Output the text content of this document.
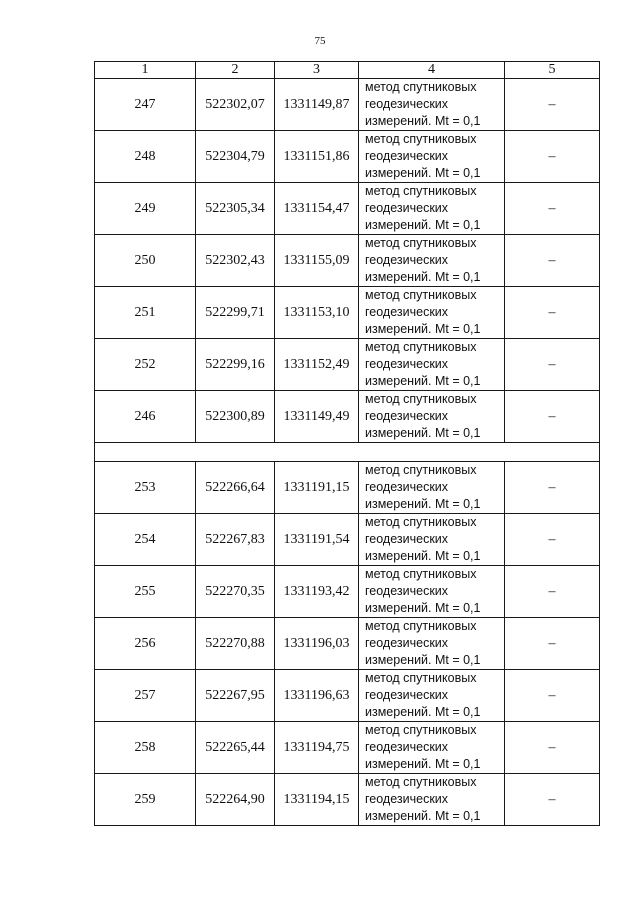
75
1	2	3	4	5
247	522302,07	1331149,87	метод спутниковых
геодезических
измерений. Mt = 0,1	–
248	522304,79	1331151,86	метод спутниковых
геодезических
измерений. Mt = 0,1	–
249	522305,34	1331154,47	метод спутниковых
геодезических
измерений. Mt = 0,1	–
250	522302,43	1331155,09	метод спутниковых
геодезических
измерений. Mt = 0,1	–
251	522299,71	1331153,10	метод спутниковых
геодезических
измерений. Mt = 0,1	–
252	522299,16	1331152,49	метод спутниковых
геодезических
измерений. Mt = 0,1	–
246	522300,89	1331149,49	метод спутниковых
геодезических
измерений. Mt = 0,1	–

253	522266,64	1331191,15	метод спутниковых
геодезических
измерений. Mt = 0,1	–
254	522267,83	1331191,54	метод спутниковых
геодезических
измерений. Mt = 0,1	–
255	522270,35	1331193,42	метод спутниковых
геодезических
измерений. Mt = 0,1	–
256	522270,88	1331196,03	метод спутниковых
геодезических
измерений. Mt = 0,1	–
257	522267,95	1331196,63	метод спутниковых
геодезических
измерений. Mt = 0,1	–
258	522265,44	1331194,75	метод спутниковых
геодезических
измерений. Mt = 0,1	–
259	522264,90	1331194,15	метод спутниковых
геодезических
измерений. Mt = 0,1	–
